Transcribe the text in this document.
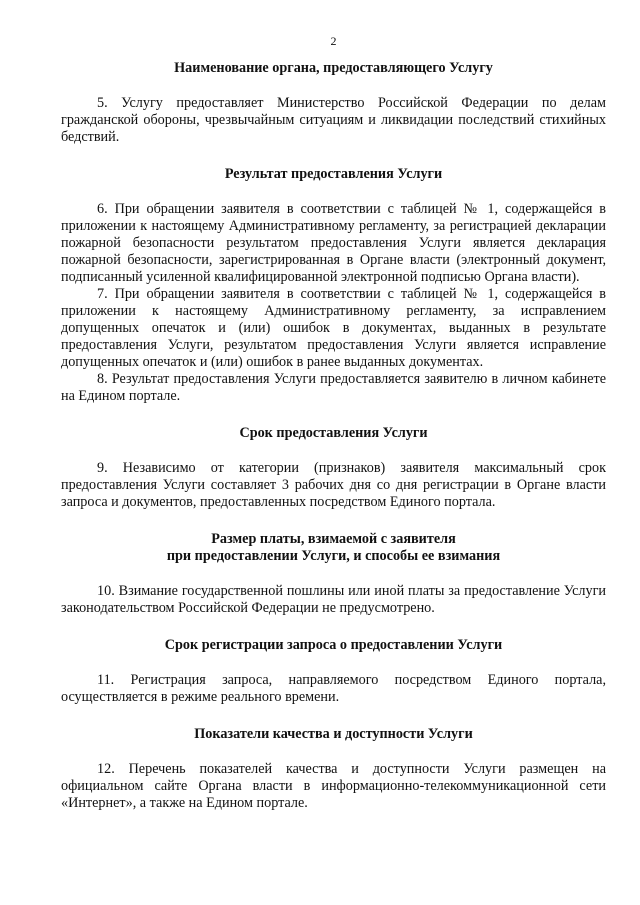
2
Наименование органа, предоставляющего Услугу

5. Услугу предоставляет Министерство Российской Федерации по делам гражданской обороны, чрезвычайным ситуациям и ликвидации последствий стихийных бедствий.

Результат предоставления Услуги

6. При обращении заявителя в соответствии с таблицей № 1, содержащейся в приложении к настоящему Административному регламенту, за регистрацией декларации пожарной безопасности результатом предоставления Услуги является декларация пожарной безопасности, зарегистрированная в Органе власти (электронный документ, подписанный усиленной квалифицированной электронной подписью Органа власти).

7. При обращении заявителя в соответствии с таблицей № 1, содержащейся в приложении к настоящему Административному регламенту, за исправлением допущенных опечаток и (или) ошибок в документах, выданных в результате предоставления Услуги, результатом предоставления Услуги является исправление допущенных опечаток и (или) ошибок в ранее выданных документах.

8. Результат предоставления Услуги предоставляется заявителю в личном кабинете на Едином портале.

Срок предоставления Услуги

9. Независимо от категории (признаков) заявителя максимальный срок предоставления Услуги составляет 3 рабочих дня со дня регистрации в Органе власти запроса и документов, предоставленных посредством Единого портала.

Размер платы, взимаемой с заявителя
при предоставлении Услуги, и способы ее взимания

10. Взимание государственной пошлины или иной платы за предоставление Услуги законодательством Российской Федерации не предусмотрено.

Срок регистрации запроса о предоставлении Услуги

11. Регистрация запроса, направляемого посредством Единого портала, осуществляется в режиме реального времени.

Показатели качества и доступности Услуги

12. Перечень показателей качества и доступности Услуги размещен на официальном сайте Органа власти в информационно-телекоммуникационной сети «Интернет», а также на Едином портале.
